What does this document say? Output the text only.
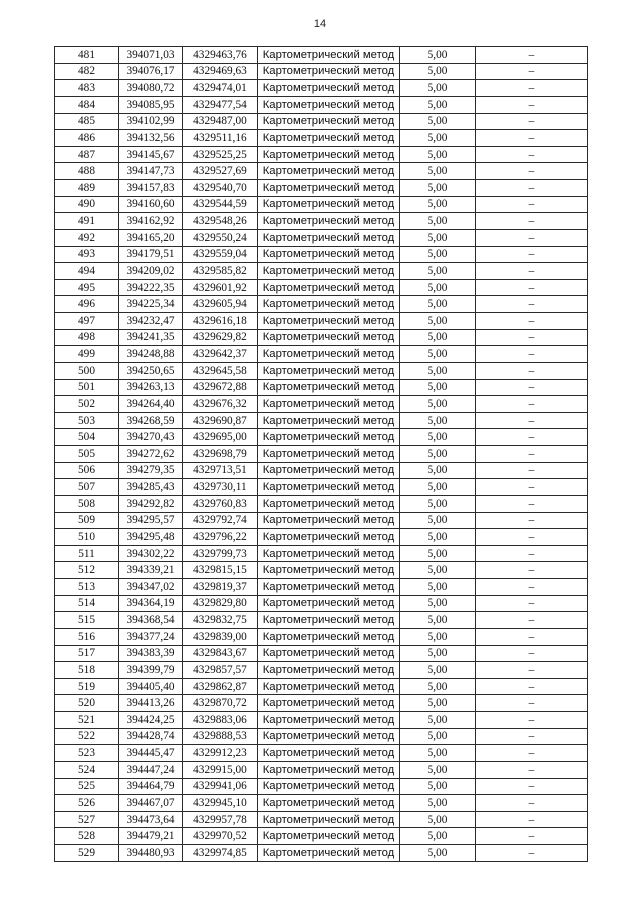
14
481	394071,03	4329463,76	Картометрический метод	5,00	–
482	394076,17	4329469,63	Картометрический метод	5,00	–
483	394080,72	4329474,01	Картометрический метод	5,00	–
484	394085,95	4329477,54	Картометрический метод	5,00	–
485	394102,99	4329487,00	Картометрический метод	5,00	–
486	394132,56	4329511,16	Картометрический метод	5,00	–
487	394145,67	4329525,25	Картометрический метод	5,00	–
488	394147,73	4329527,69	Картометрический метод	5,00	–
489	394157,83	4329540,70	Картометрический метод	5,00	–
490	394160,60	4329544,59	Картометрический метод	5,00	–
491	394162,92	4329548,26	Картометрический метод	5,00	–
492	394165,20	4329550,24	Картометрический метод	5,00	–
493	394179,51	4329559,04	Картометрический метод	5,00	–
494	394209,02	4329585,82	Картометрический метод	5,00	–
495	394222,35	4329601,92	Картометрический метод	5,00	–
496	394225,34	4329605,94	Картометрический метод	5,00	–
497	394232,47	4329616,18	Картометрический метод	5,00	–
498	394241,35	4329629,82	Картометрический метод	5,00	–
499	394248,88	4329642,37	Картометрический метод	5,00	–
500	394250,65	4329645,58	Картометрический метод	5,00	–
501	394263,13	4329672,88	Картометрический метод	5,00	–
502	394264,40	4329676,32	Картометрический метод	5,00	–
503	394268,59	4329690,87	Картометрический метод	5,00	–
504	394270,43	4329695,00	Картометрический метод	5,00	–
505	394272,62	4329698,79	Картометрический метод	5,00	–
506	394279,35	4329713,51	Картометрический метод	5,00	–
507	394285,43	4329730,11	Картометрический метод	5,00	–
508	394292,82	4329760,83	Картометрический метод	5,00	–
509	394295,57	4329792,74	Картометрический метод	5,00	–
510	394295,48	4329796,22	Картометрический метод	5,00	–
511	394302,22	4329799,73	Картометрический метод	5,00	–
512	394339,21	4329815,15	Картометрический метод	5,00	–
513	394347,02	4329819,37	Картометрический метод	5,00	–
514	394364,19	4329829,80	Картометрический метод	5,00	–
515	394368,54	4329832,75	Картометрический метод	5,00	–
516	394377,24	4329839,00	Картометрический метод	5,00	–
517	394383,39	4329843,67	Картометрический метод	5,00	–
518	394399,79	4329857,57	Картометрический метод	5,00	–
519	394405,40	4329862,87	Картометрический метод	5,00	–
520	394413,26	4329870,72	Картометрический метод	5,00	–
521	394424,25	4329883,06	Картометрический метод	5,00	–
522	394428,74	4329888,53	Картометрический метод	5,00	–
523	394445,47	4329912,23	Картометрический метод	5,00	–
524	394447,24	4329915,00	Картометрический метод	5,00	–
525	394464,79	4329941,06	Картометрический метод	5,00	–
526	394467,07	4329945,10	Картометрический метод	5,00	–
527	394473,64	4329957,78	Картометрический метод	5,00	–
528	394479,21	4329970,52	Картометрический метод	5,00	–
529	394480,93	4329974,85	Картометрический метод	5,00	–
